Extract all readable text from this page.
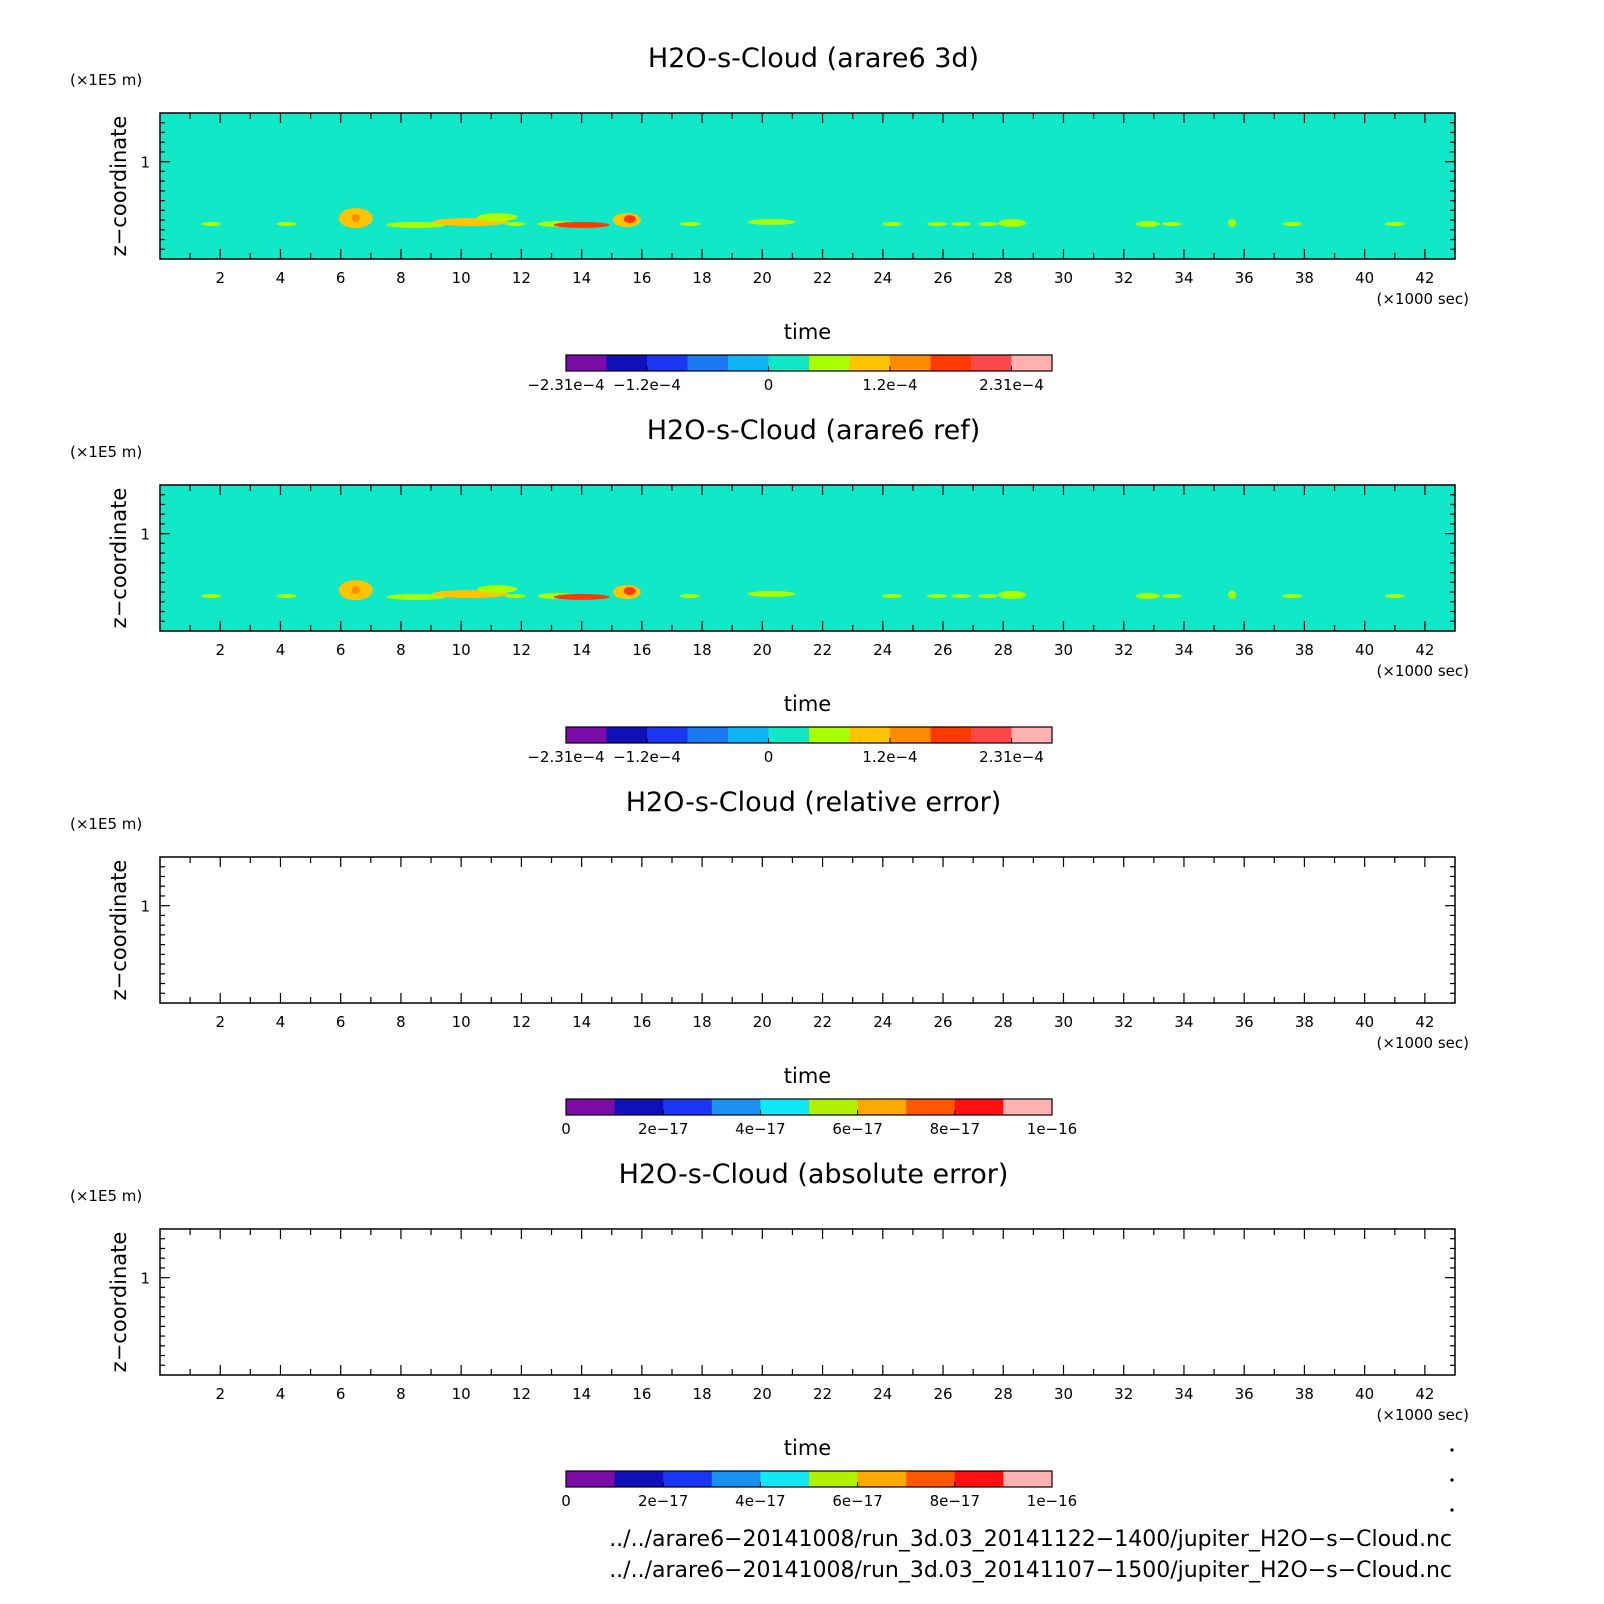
H2O-s-Cloud (arare6 3d)
(×1E5 m)
2	4	6	8	10	12	14	16	18	20	22	24	26	28	30	32	34	36	38	40	42
(×1000 sec)
1
z−coordinate
time
−2.31e−4 −1.2e−4	0	1.2e−4	2.31e−4
H2O-s-Cloud (arare6 ref)
(×1E5 m)
2	4	6	8	10	12	14	16	18	20	22	24	26	28	30	32	34	36	38	40	42
(×1000 sec)
1
z−coordinate
time
−2.31e−4 −1.2e−4	0	1.2e−4	2.31e−4
H2O-s-Cloud (relative error)
(×1E5 m)
2	4	6	8	10	12	14	16	18	20	22	24	26	28	30	32	34	36	38	40	42
(×1000 sec)
1
z−coordinate
time
0	2e−17	4e−17	6e−17	8e−17	1e−16
H2O-s-Cloud (absolute error)
(×1E5 m)
2	4	6	8	10	12	14	16	18	20	22	24	26	28	30	32	34	36	38	40	42
(×1000 sec)
1
z−coordinate
time
0	2e−17	4e−17	6e−17	8e−17	1e−16
../../arare6−20141008/run_3d.03_20141122−1400/jupiter_H2O−s−Cloud.nc
../../arare6−20141008/run_3d.03_20141107−1500/jupiter_H2O−s−Cloud.nc
